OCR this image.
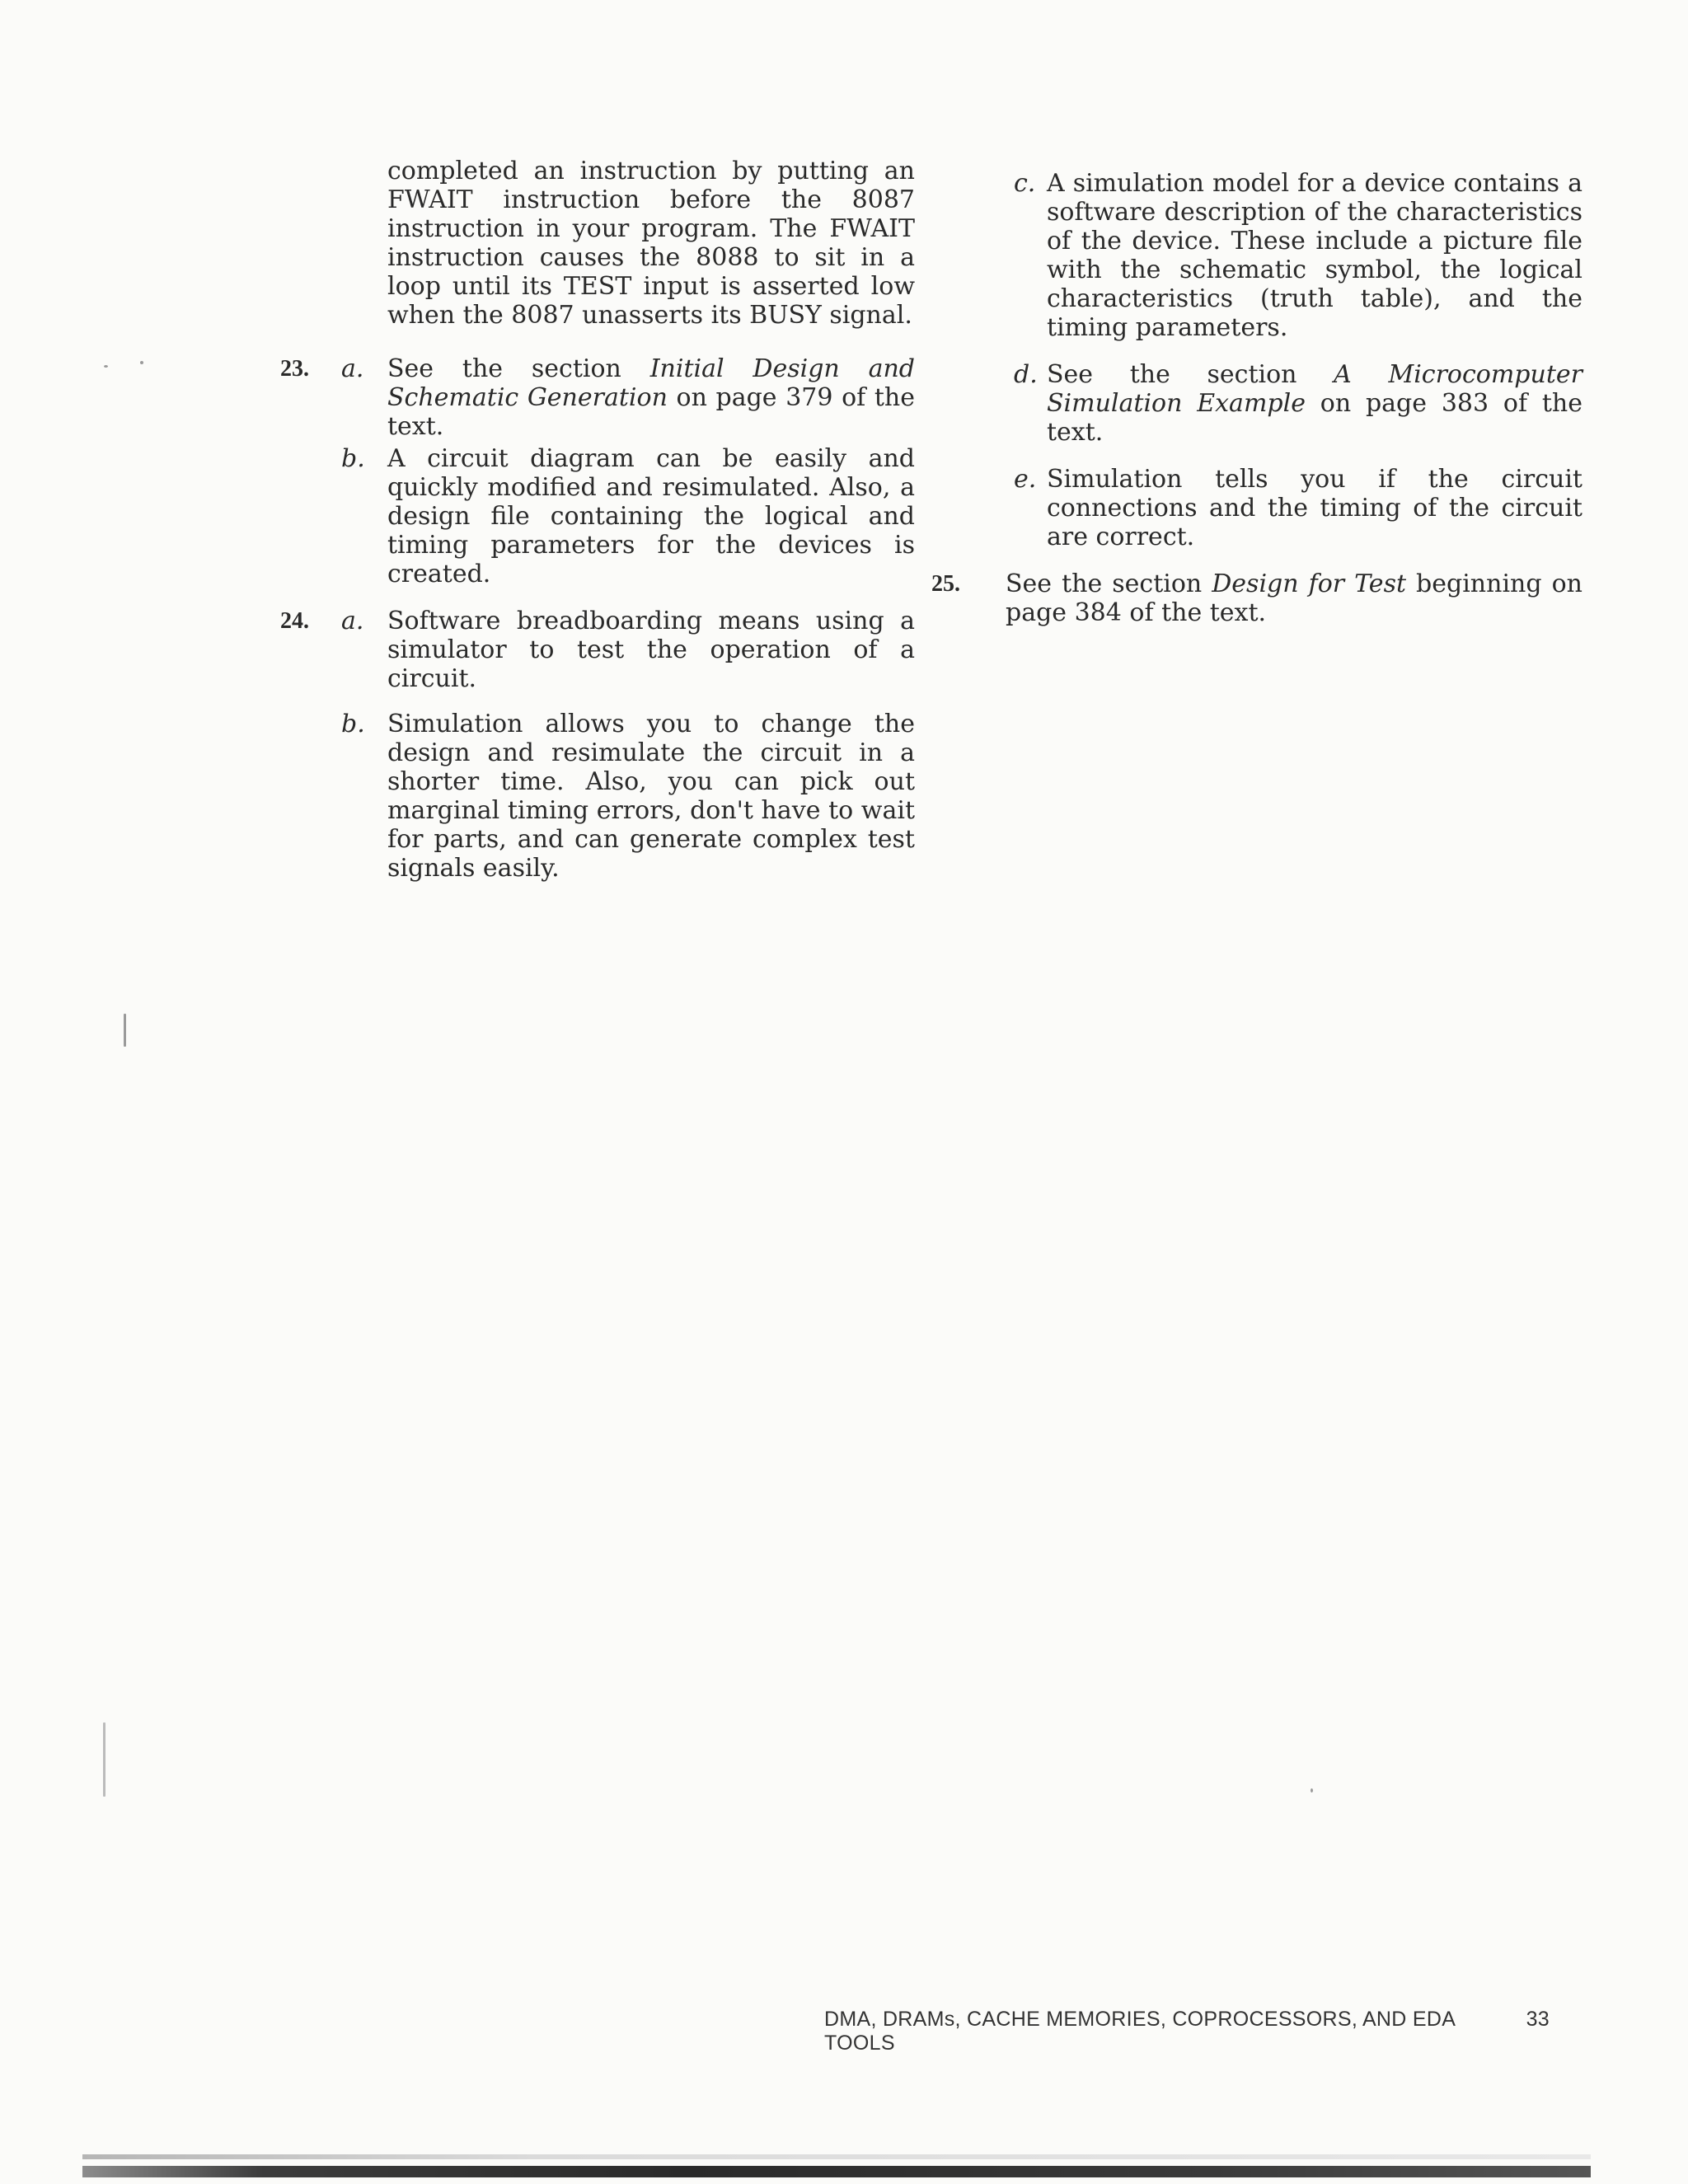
completed an instruction by putting an FWAIT instruction before the 8087 instruction in your program. The FWAIT instruction causes the 8088 to sit in a loop until its TEST input is asserted low when the 8087 unasserts its BUSY signal.
23. a. See the section Initial Design and Schematic Generation on page 379 of the text.
b. A circuit diagram can be easily and quickly modified and resimulated. Also, a design file containing the logical and timing parameters for the devices is created.
24. a. Software breadboarding means using a simulator to test the operation of a circuit.
b. Simulation allows you to change the design and resimulate the circuit in a shorter time. Also, you can pick out marginal timing errors, don't have to wait for parts, and can generate complex test signals easily.
c. A simulation model for a device contains a software description of the characteristics of the device. These include a picture file with the schematic symbol, the logical characteristics (truth table), and the timing parameters.
d. See the section A Microcomputer Simulation Example on page 383 of the text.
e. Simulation tells you if the circuit connections and the timing of the circuit are correct.
25. See the section Design for Test beginning on page 384 of the text.
DMA, DRAMs, CACHE MEMORIES, COPROCESSORS, AND EDA TOOLS
33
